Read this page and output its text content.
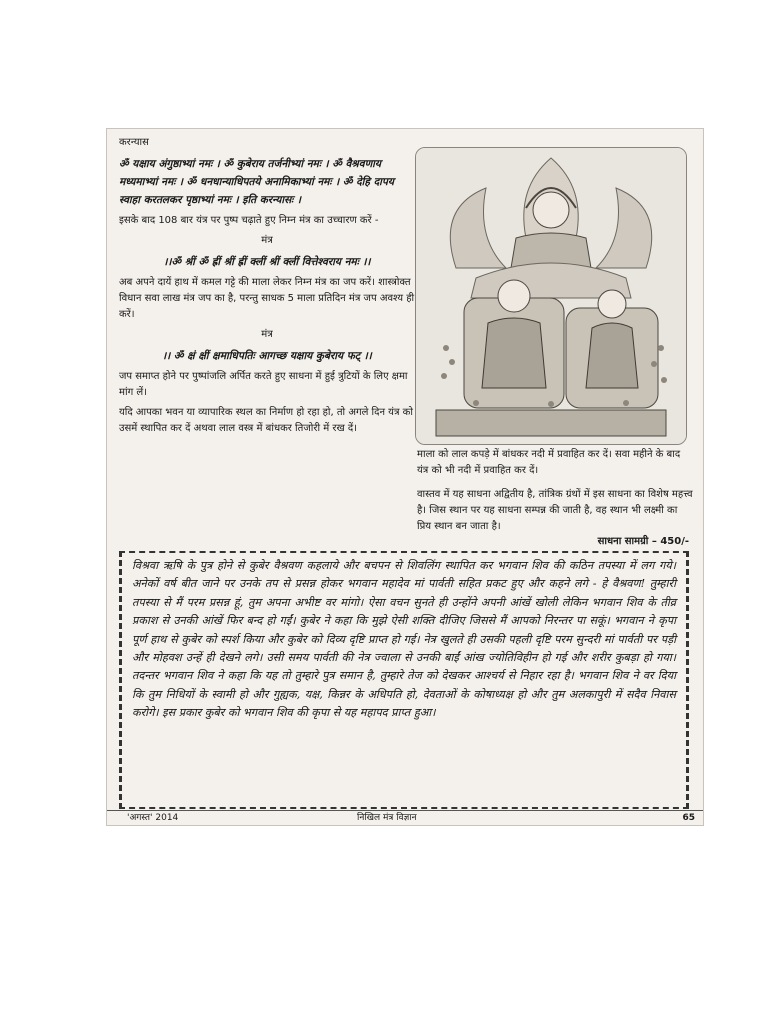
करन्यास

ॐ यक्षाय अंगुष्ठाभ्यां नमः । ॐ कुबेराय तर्जनीभ्यां नमः । ॐ वैश्रवणाय मध्यमाभ्यां नमः । ॐ धनधान्याधिपतये अनामिकाभ्यां नमः । ॐ देहि दापय स्वाहा करतलकर पृष्ठाभ्यां नमः । इति करन्यासः ।

इसके बाद 108 बार यंत्र पर पुष्प चढ़ाते हुए निम्न मंत्र का उच्चारण करें -

मंत्र

।।ॐ श्रीं ॐ ह्रीं श्रीं ह्रीं क्लीं श्रीं क्लीं वित्तेश्वराय नमः ।।

अब अपने दायें हाथ में कमल गट्टे की माला लेकर निम्न मंत्र का जप करें। शास्त्रोक्त विधान सवा लाख मंत्र जप का है, परन्तु साधक 5 माला प्रतिदिन मंत्र जप अवश्य ही करें।

मंत्र

।। ॐ क्षं क्षीं क्षमाधिपतिः आगच्छ यक्षाय कुबेराय फट् ।।

जप समाप्त होने पर पुष्पांजलि अर्पित करते हुए साधना में हुई त्रुटियों के लिए क्षमा मांग लें।

यदि आपका भवन या व्यापारिक स्थल का निर्माण हो रहा हो, तो अगले दिन यंत्र को उसमें स्थापित कर दें अथवा लाल वस्त्र में बांधकर तिजोरी में रख दें।

माला को लाल कपड़े में बांधकर नदी में प्रवाहित कर दें। सवा महीने के बाद यंत्र को भी नदी में प्रवाहित कर दें।

वास्तव में यह साधना अद्वितीय है, तांत्रिक ग्रंथों में इस साधना का विशेष महत्त्व है। जिस स्थान पर यह साधना सम्पन्न की जाती है, वह स्थान भी लक्ष्मी का प्रिय स्थान बन जाता है।

साधना सामग्री – 450/-

विश्रवा ऋषि के पुत्र होने से कुबेर वैश्रवण कहलाये और बचपन से शिवलिंग स्थापित कर भगवान शिव की कठिन तपस्या में लग गये। अनेकों वर्ष बीत जाने पर उनके तप से प्रसन्न होकर भगवान महादेव मां पार्वती सहित प्रकट हुए और कहने लगे - हे वैश्रवण! तुम्हारी तपस्या से मैं परम प्रसन्न हूं, तुम अपना अभीष्ट वर मांगो। ऐसा वचन सुनते ही उन्होंने अपनी आंखें खोली लेकिन भगवान शिव के तीव्र प्रकाश से उनकी आंखें फिर बन्द हो गईं। कुबेर ने कहा कि मुझे ऐसी शक्ति दीजिए जिससे मैं आपको निरन्तर पा सकूं। भगवान ने कृपा पूर्ण हाथ से कुबेर को स्पर्श किया और कुबेर को दिव्य दृष्टि प्राप्त हो गई। नेत्र खुलते ही उसकी पहली दृष्टि परम सुन्दरी मां पार्वती पर पड़ी और मोहवश उन्हें ही देखने लगे। उसी समय पार्वती की नेत्र ज्वाला से उनकी बाईं आंख ज्योतिविहीन हो गई और शरीर कुबड़ा हो गया। तदन्तर भगवान शिव ने कहा कि यह तो तुम्हारे पुत्र समान है, तुम्हारे तेज को देखकर आश्चर्य से निहार रहा है। भगवान शिव ने वर दिया कि तुम निधियों के स्वामी हो और गुह्यक, यक्ष, किन्नर के अधिपति हो, देवताओं के कोषाध्यक्ष हो और तुम अलकापुरी में सदैव निवास करोगे। इस प्रकार कुबेर को भगवान शिव की कृपा से यह महापद प्राप्त हुआ।

'अगस्त' 2014	निखिल मंत्र विज्ञान	65
